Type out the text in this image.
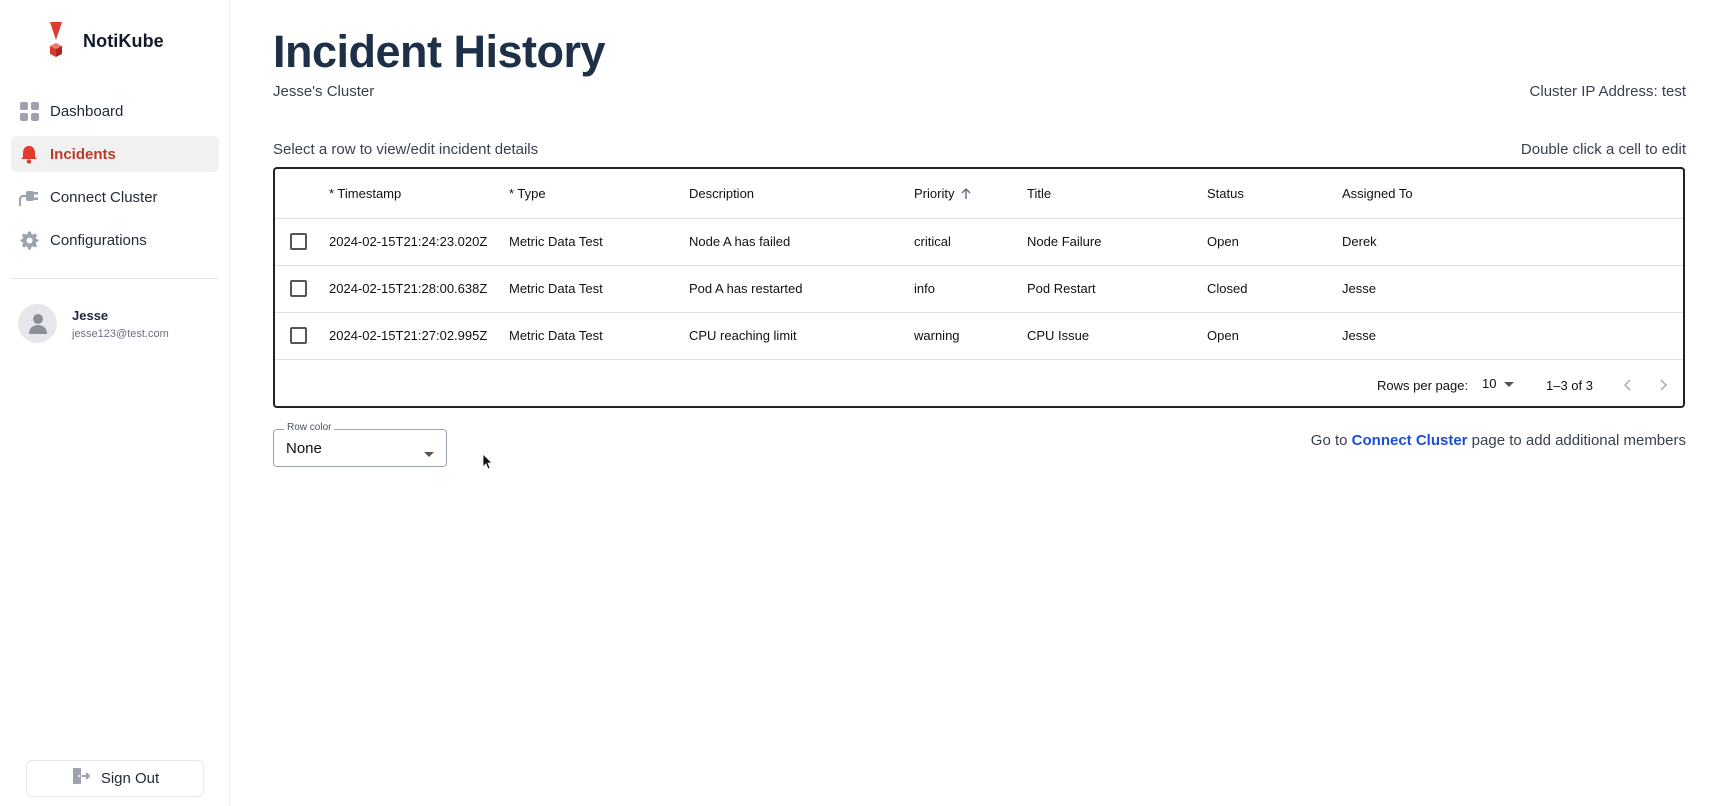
NotiKube
Dashboard
Incidents
Connect Cluster
Configurations
Jesse
jesse123@test.com
Sign Out
Incident History
Jesse's Cluster	Cluster IP Address: test
Select a row to view/edit incident details	Double click a cell to edit
* Timestamp	* Type	Description	Priority	Title	Status	Assigned To
2024-02-15T21:24:23.020Z Metric Data Test	Node A has failed	critical	Node Failure	Open	Derek
2024-02-15T21:28:00.638Z Metric Data Test	Pod A has restarted	info	Pod Restart	Closed	Jesse
2024-02-15T21:27:02.995Z Metric Data Test	CPU reaching limit	warning	CPU Issue	Open	Jesse
Rows per page: 10	1–3 of 3
Row color
None	Go to Connect Cluster page to add additional members
